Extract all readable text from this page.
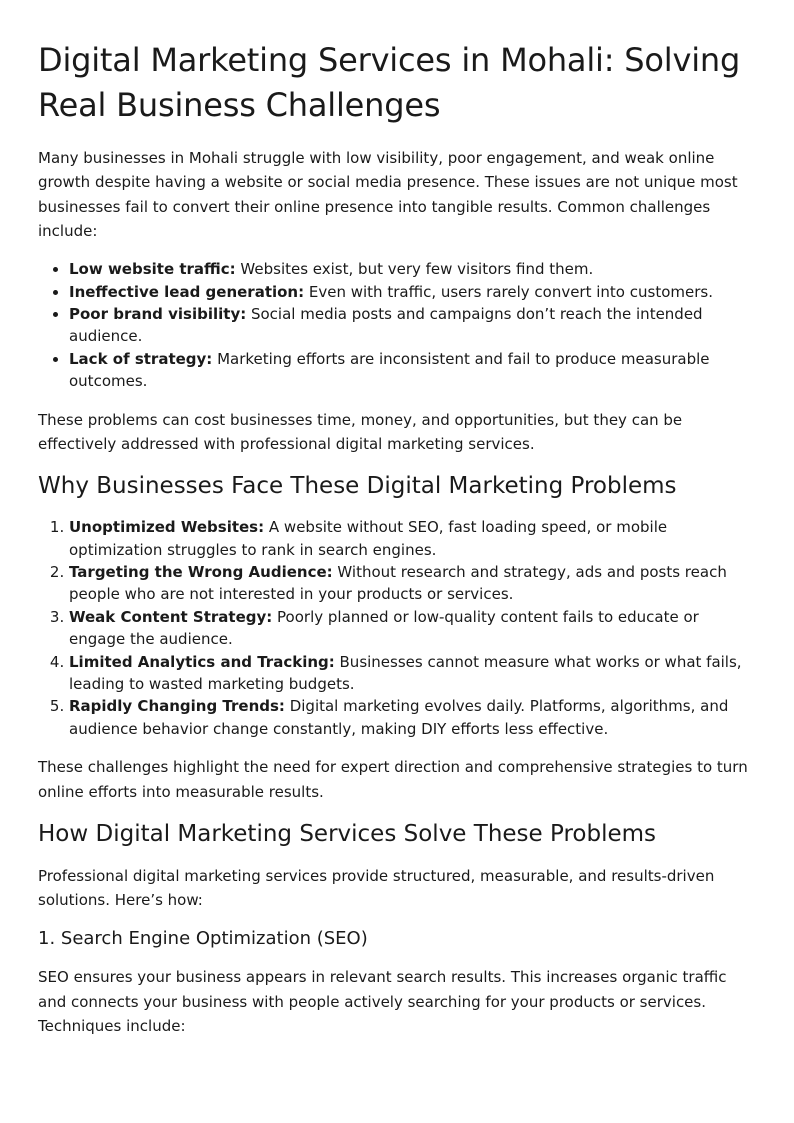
Digital Marketing Services in Mohali: Solving Real Business Challenges

Many businesses in Mohali struggle with low visibility, poor engagement, and weak online growth despite having a website or social media presence. These issues are not unique most businesses fail to convert their online presence into tangible results. Common challenges include:

• Low website traffic: Websites exist, but very few visitors find them.
• Ineffective lead generation: Even with traffic, users rarely convert into customers.
• Poor brand visibility: Social media posts and campaigns don’t reach the intended audience.
• Lack of strategy: Marketing efforts are inconsistent and fail to produce measurable outcomes.

These problems can cost businesses time, money, and opportunities, but they can be effectively addressed with professional digital marketing services.

Why Businesses Face These Digital Marketing Problems
1. Unoptimized Websites: A website without SEO, fast loading speed, or mobile optimization struggles to rank in search engines.
2. Targeting the Wrong Audience: Without research and strategy, ads and posts reach people who are not interested in your products or services.
3. Weak Content Strategy: Poorly planned or low-quality content fails to educate or engage the audience.
4. Limited Analytics and Tracking: Businesses cannot measure what works or what fails, leading to wasted marketing budgets.
5. Rapidly Changing Trends: Digital marketing evolves daily. Platforms, algorithms, and audience behavior change constantly, making DIY efforts less effective.

These challenges highlight the need for expert direction and comprehensive strategies to turn online efforts into measurable results.

How Digital Marketing Services Solve These Problems

Professional digital marketing services provide structured, measurable, and results-driven solutions. Here’s how:

1. Search Engine Optimization (SEO)

SEO ensures your business appears in relevant search results. This increases organic traffic and connects your business with people actively searching for your products or services. Techniques include:
